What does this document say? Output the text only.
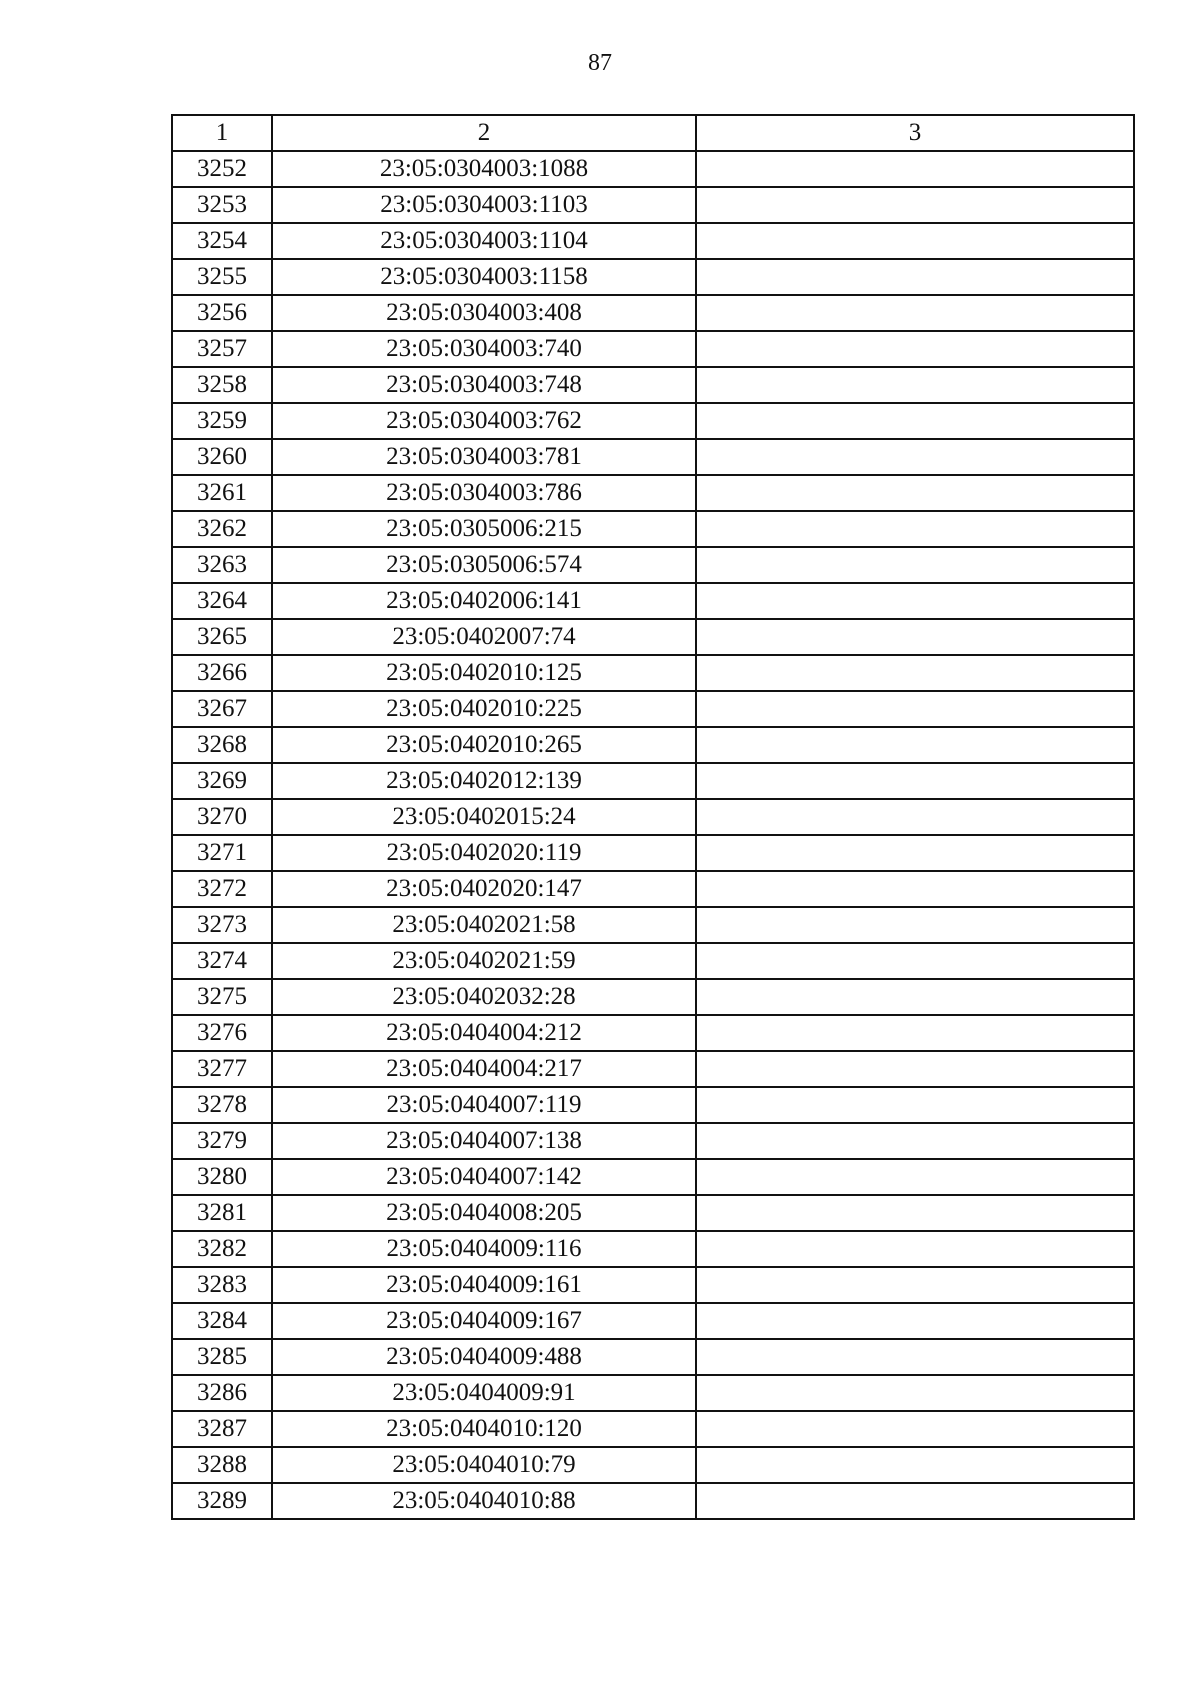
87
1	2	3
3252	23:05:0304003:1088	
3253	23:05:0304003:1103	
3254	23:05:0304003:1104	
3255	23:05:0304003:1158	
3256	23:05:0304003:408	
3257	23:05:0304003:740	
3258	23:05:0304003:748	
3259	23:05:0304003:762	
3260	23:05:0304003:781	
3261	23:05:0304003:786	
3262	23:05:0305006:215	
3263	23:05:0305006:574	
3264	23:05:0402006:141	
3265	23:05:0402007:74	
3266	23:05:0402010:125	
3267	23:05:0402010:225	
3268	23:05:0402010:265	
3269	23:05:0402012:139	
3270	23:05:0402015:24	
3271	23:05:0402020:119	
3272	23:05:0402020:147	
3273	23:05:0402021:58	
3274	23:05:0402021:59	
3275	23:05:0402032:28	
3276	23:05:0404004:212	
3277	23:05:0404004:217	
3278	23:05:0404007:119	
3279	23:05:0404007:138	
3280	23:05:0404007:142	
3281	23:05:0404008:205	
3282	23:05:0404009:116	
3283	23:05:0404009:161	
3284	23:05:0404009:167	
3285	23:05:0404009:488	
3286	23:05:0404009:91	
3287	23:05:0404010:120	
3288	23:05:0404010:79	
3289	23:05:0404010:88	
